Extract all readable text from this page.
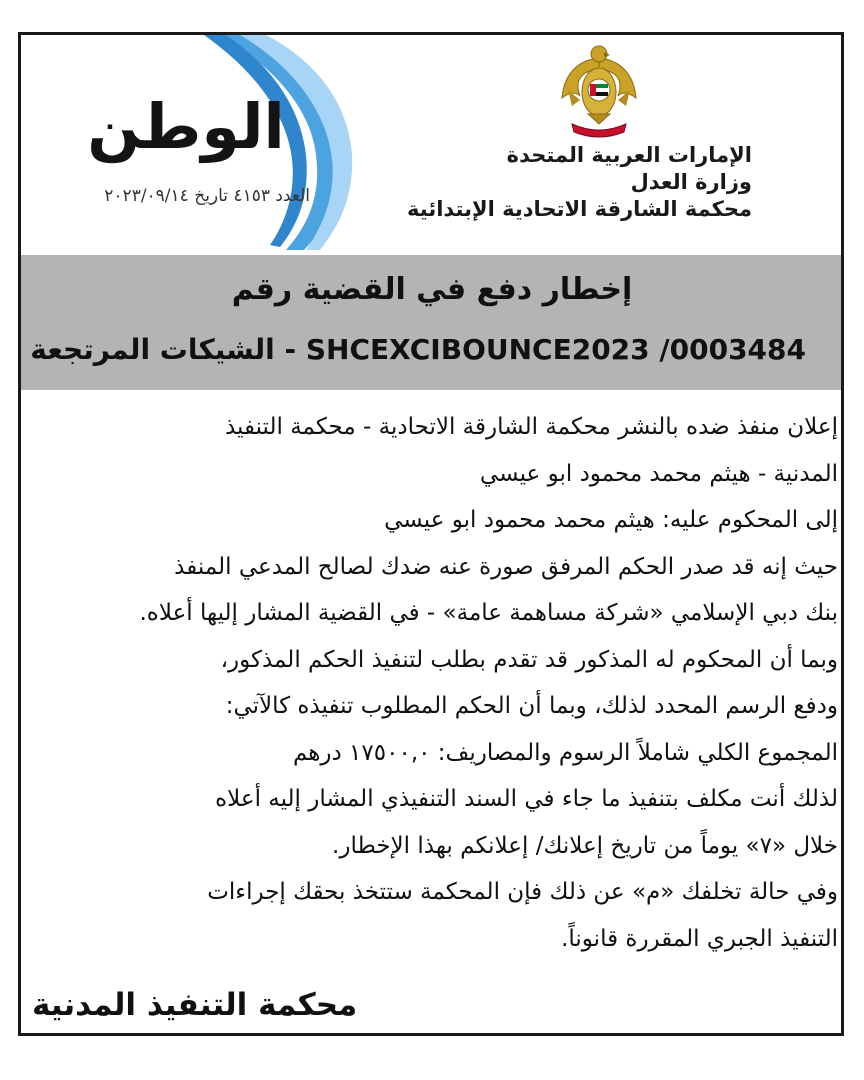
الإمارات العربية المتحدة
وزارة العدل
محكمة الشارقة الاتحادية الإبتدائية
الوطن
العدد ٤١٥٣ تاريخ ٢٠٢٣/٠٩/١٤
إخطار دفع في القضية رقم
SHCEXCIBOUNCE2023 /0003484 - الشيكات المرتجعة
إعلان منفذ ضده بالنشر محكمة الشارقة الاتحادية - محكمة التنفيذ
المدنية - هيثم محمد محمود ابو عيسي
إلى المحكوم عليه: هيثم محمد محمود ابو عيسي
حيث إنه قد صدر الحكم المرفق صورة عنه ضدك لصالح المدعي المنفذ
بنك دبي الإسلامي «شركة مساهمة عامة» - في القضية المشار إليها أعلاه.
وبما أن المحكوم له المذكور قد تقدم بطلب لتنفيذ الحكم المذكور،
ودفع الرسم المحدد لذلك، وبما أن الحكم المطلوب تنفيذه كالآتي:
المجموع الكلي شاملاً الرسوم والمصاريف: ١٧٥٠٠,٠ درهم
لذلك أنت مكلف بتنفيذ ما جاء في السند التنفيذي المشار إليه أعلاه
خلال «٧» يوماً من تاريخ إعلانك/ إعلانكم بهذا الإخطار.
وفي حالة تخلفك «م» عن ذلك فإن المحكمة ستتخذ بحقك إجراءات
التنفيذ الجبري المقررة قانوناً.
محكمة التنفيذ المدنية
